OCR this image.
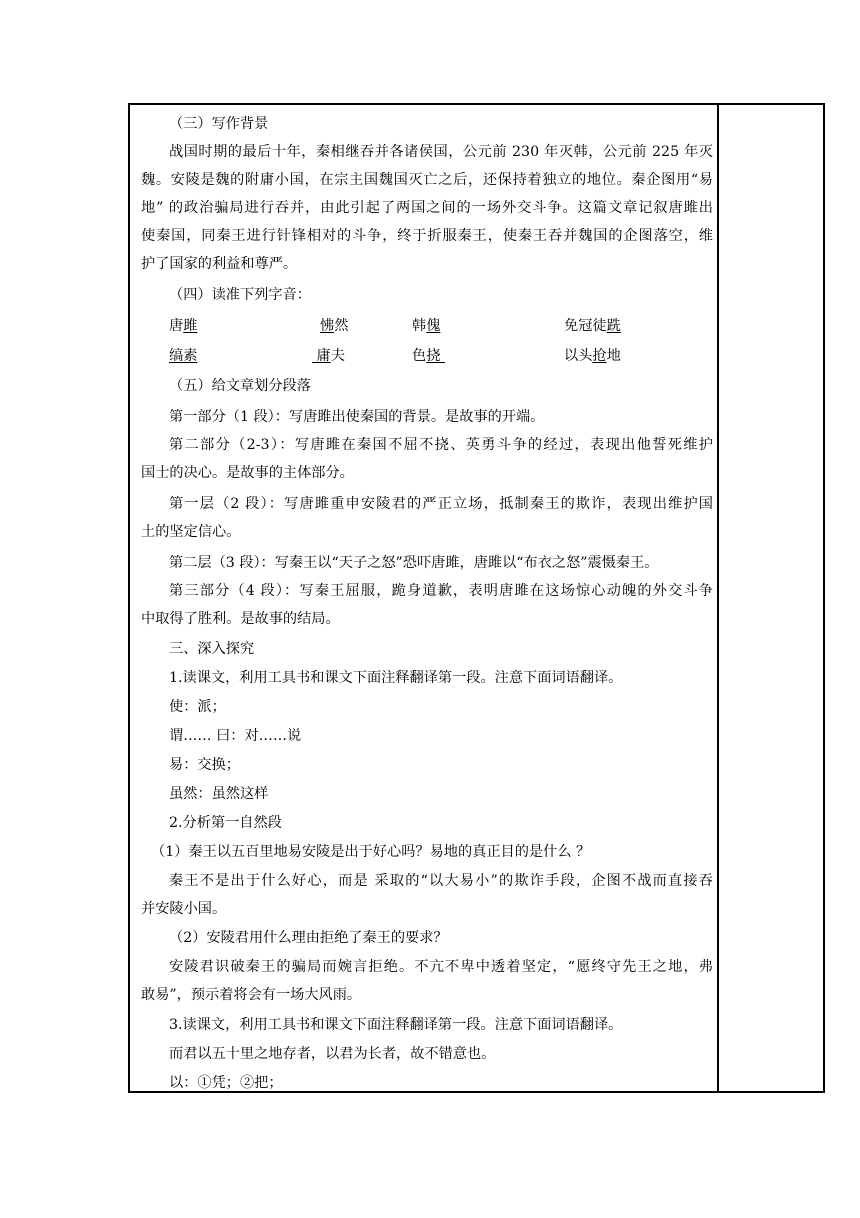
（三）写作背景
战国时期的最后十年，秦相继吞并各诸侯国，公元前 230 年灭韩，公元前 225 年灭
魏。安陵是魏的附庸小国，在宗主国魏国灭亡之后，还保持着独立的地位。秦企图用“易
地” 的政治骗局进行吞并，由此引起了两国之间的一场外交斗争。这篇文章记叙唐雎出
使秦国，同秦王进行针锋相对的斗争，终于折服秦王，使秦王吞并魏国的企图落空，维
护了国家的利益和尊严。
（四）读准下列字音：
唐雎	怫然	韩傀	免冠徒跣
缟素	庸夫	色挠	以头抢地
（五）给文章划分段落
第一部分（1 段）：写唐雎出使秦国的背景。是故事的开端。
第二部分（2-3）：写唐雎在秦国不屈不挠、英勇斗争的经过，表现出他誓死维护
国士的决心。是故事的主体部分。
第一层（2 段）：写唐雎重申安陵君的严正立场，抵制秦王的欺诈，表现出维护国
土的坚定信心。
第二层（3 段）：写秦王以“天子之怒”恐吓唐雎，唐雎以“布衣之怒”震慑秦王。
第三部分（4 段）：写秦王屈服，跪身道歉，表明唐雎在这场惊心动魄的外交斗争
中取得了胜利。是故事的结局。
三、深入探究
1.读课文，利用工具书和课文下面注释翻译第一段。注意下面词语翻译。
使：派；
谓…… 曰：对……说
易：交换；
虽然：虽然这样
2.分析第一自然段
（1）秦王以五百里地易安陵是出于好心吗？易地的真正目的是什么 ？
秦王不是出于什么好心，而是 采取的“以大易小”的欺诈手段，企图不战而直接吞
并安陵小国。
（2）安陵君用什么理由拒绝了秦王的要求？
安陵君识破秦王的骗局而婉言拒绝。不亢不卑中透着坚定，“愿终守先王之地，弗
敢易”，预示着将会有一场大风雨。
3.读课文，利用工具书和课文下面注释翻译第一段。注意下面词语翻译。
而君以五十里之地存者，以君为长者，故不错意也。
以：①凭；②把；
